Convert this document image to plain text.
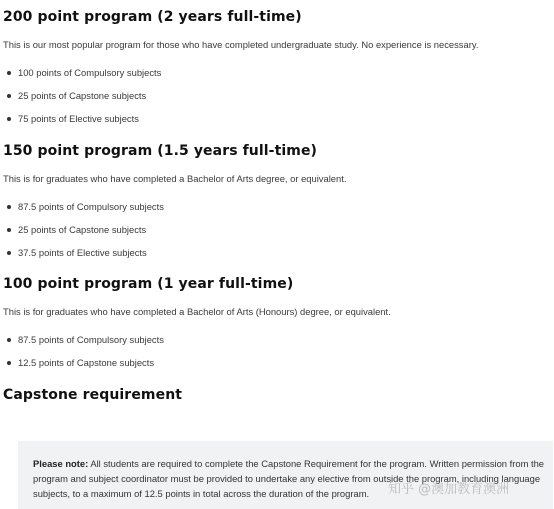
200 point program (2 years full-time)

This is our most popular program for those who have completed undergraduate study. No experience is necessary.

100 points of Compulsory subjects
25 points of Capstone subjects
75 points of Elective subjects
150 point program (1.5 years full-time)

This is for graduates who have completed a Bachelor of Arts degree, or equivalent.

87.5 points of Compulsory subjects
25 points of Capstone subjects
37.5 points of Elective subjects
100 point program (1 year full-time)

This is for graduates who have completed a Bachelor of Arts (Honours) degree, or equivalent.

87.5 points of Compulsory subjects
12.5 points of Capstone subjects
Capstone requirement

Please note: All students are required to complete the Capstone Requirement for the program. Written permission from the program and subject coordinator must be provided to undertake any elective from outside the program, including language subjects, to a maximum of 12.5 points in total across the duration of the program.	知乎 @澳加教育澳洲
